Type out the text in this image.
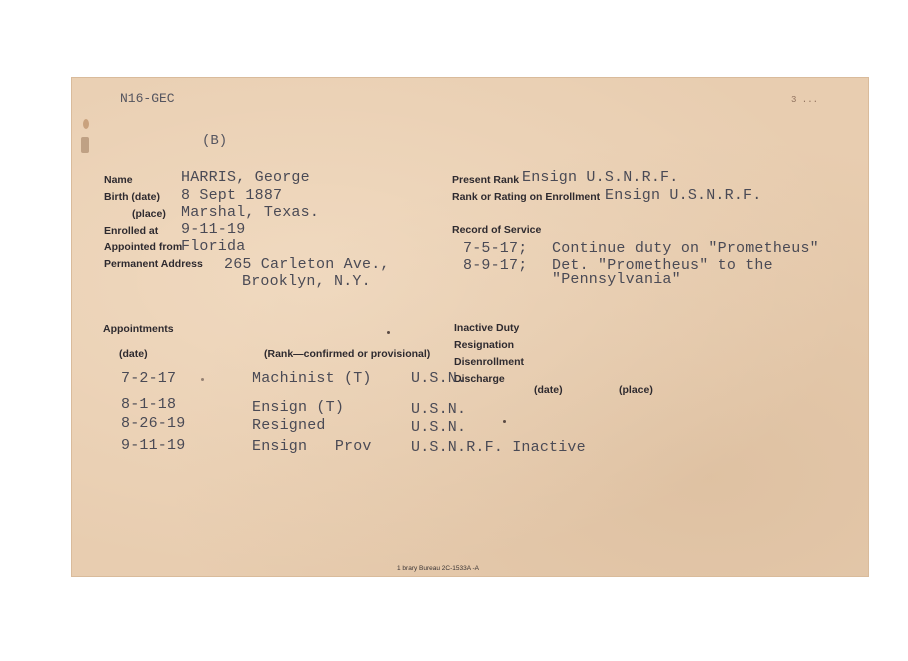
N16-GEC
(B)
3 ...
Name	HARRIS, George
Birth (date) 8 Sept 1887
(place) Marshal, Texas.
Enrolled at 9-11-19
Appointed from
Florida
Permanent Address 265 Carleton Ave.,
Brooklyn, N.Y.
Present Rank Ensign U.S.N.R.F.
Rank or Rating on Enrollment Ensign U.S.N.R.F.
Record of Service
7-5-17; Continue duty on "Prometheus"
8-9-17; Det. "Prometheus" to the
"Pennsylvania"
Appointments
(date)	(Rank—confirmed or provisional)
Inactive Duty
Resignation
Disenrollment
Discharge
(date)	(place)
7-2-17	Machinist (T)	U.S.N.
8-1-18	Ensign (T)	U.S.N.
8-26-19	Resigned	U.S.N.
9-11-19	Ensign   Prov	U.S.N.R.F. Inactive
1 brary Bureau 2C-1533A -A
